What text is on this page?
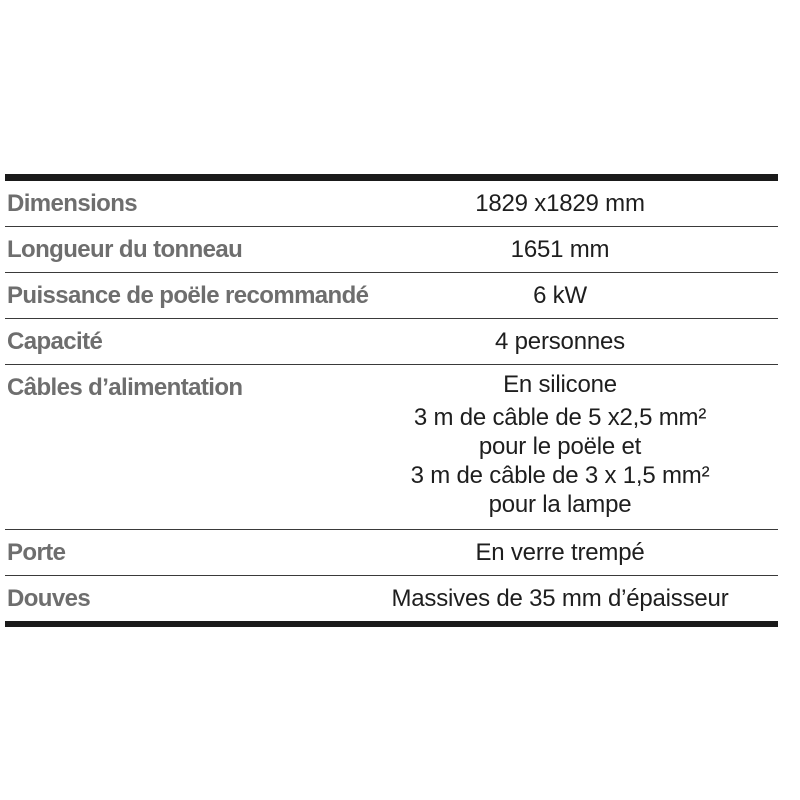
Dimensions	1829 x1829 mm
Longueur du tonneau	1651 mm
Puissance de poële recommandé	6 kW
Capacité	4 personnes
Câbles d’alimentation	En silicone
3 m de câble de 5 x2,5 mm²
pour le poële et
3 m de câble de 3 x 1,5 mm²
pour la lampe
Porte	En verre trempé
Douves	Massives de 35 mm d’épaisseur
